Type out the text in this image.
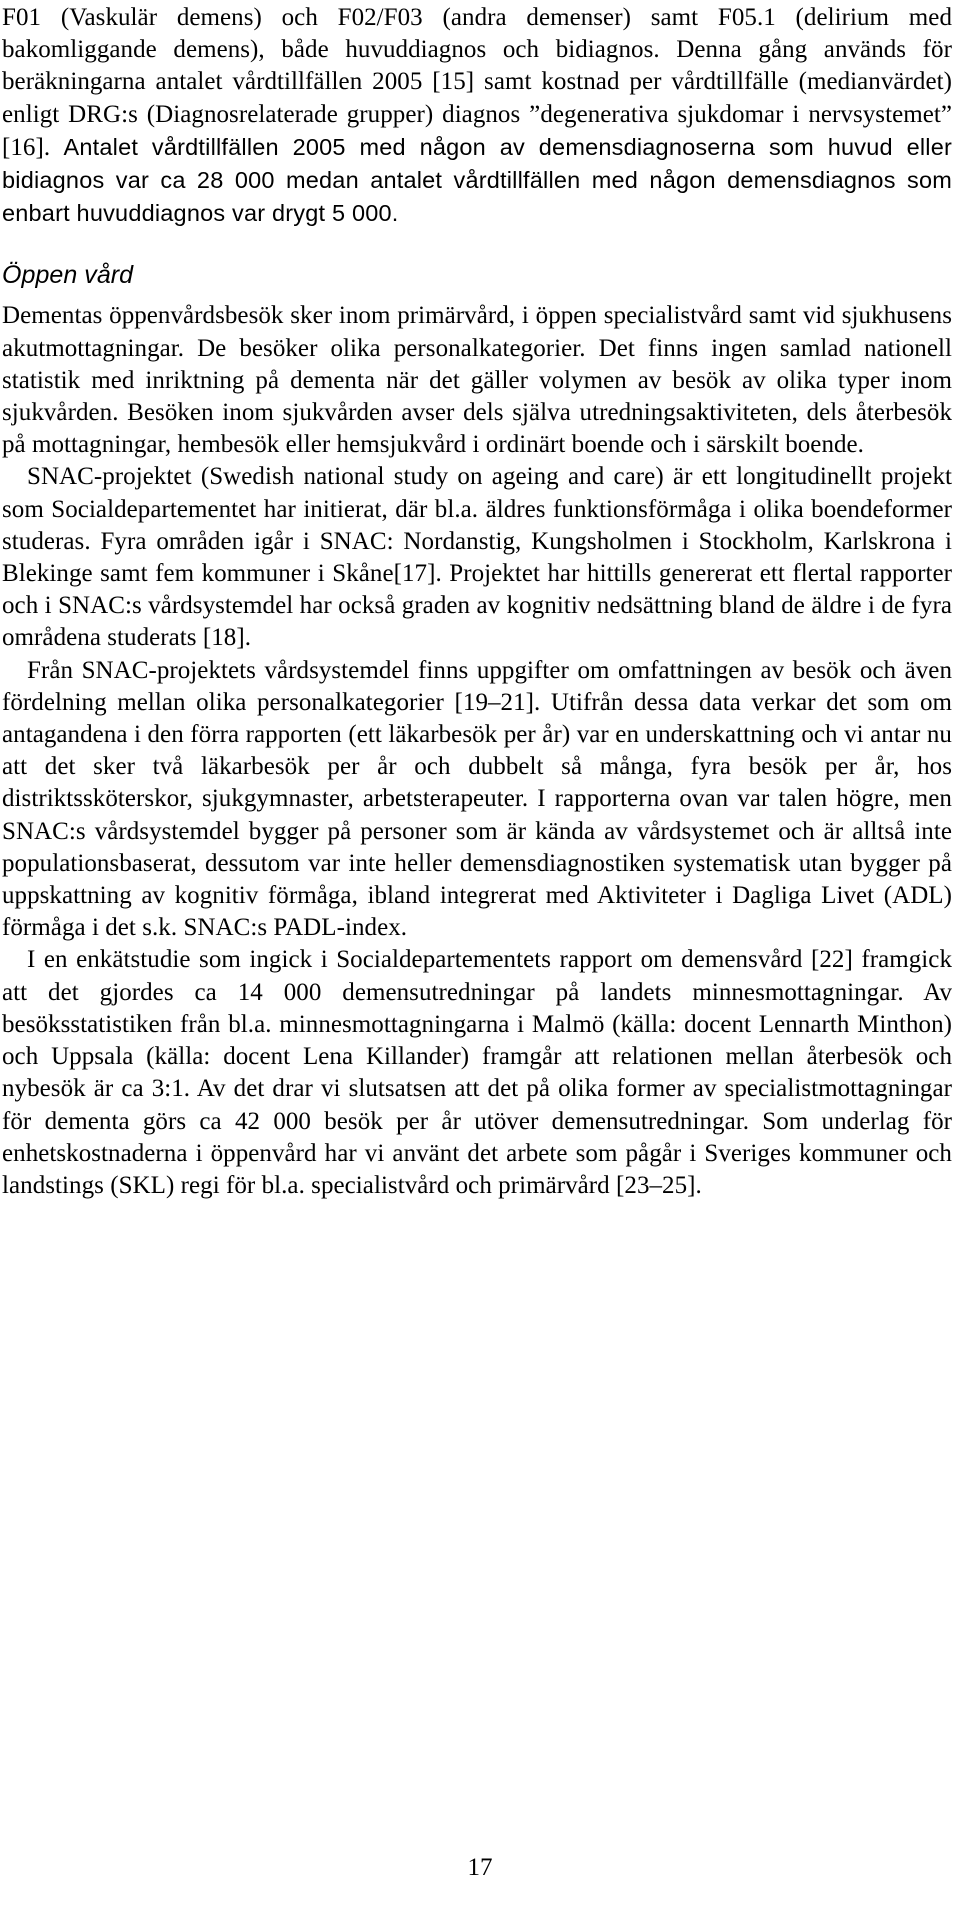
F01 (Vaskulär demens) och F02/F03 (andra demenser) samt F05.1 (delirium med bakomliggande demens), både huvuddiagnos och bidiagnos. Denna gång används för beräkningarna antalet vårdtillfällen 2005 [15] samt kostnad per vårdtillfälle (medianvärdet) enligt DRG:s (Diagnosrelaterade grupper) diagnos ”degenerativa sjukdomar i nervsystemet” [16]. Antalet vårdtillfällen 2005 med någon av demensdiagnoserna som huvud eller bidiagnos var ca 28 000 medan antalet vårdtillfällen med någon demensdiagnos som enbart huvuddiagnos var drygt 5 000.

Öppen vård

Dementas öppenvårdsbesök sker inom primärvård, i öppen specialistvård samt vid sjukhusens akutmottagningar. De besöker olika personalkategorier. Det finns ingen samlad nationell statistik med inriktning på dementa när det gäller volymen av besök av olika typer inom sjukvården. Besöken inom sjukvården avser dels själva utredningsaktiviteten, dels återbesök på mottagningar, hembesök eller hemsjukvård i ordinärt boende och i särskilt boende.

SNAC-projektet (Swedish national study on ageing and care) är ett longitudinellt projekt som Socialdepartementet har initierat, där bl.a. äldres funktionsförmåga i olika boendeformer studeras. Fyra områden igår i SNAC: Nordanstig, Kungsholmen i Stockholm, Karlskrona i Blekinge samt fem kommuner i Skåne[17]. Projektet har hittills genererat ett flertal rapporter och i SNAC:s vårdsystemdel har också graden av kognitiv nedsättning bland de äldre i de fyra områdena studerats [18].

Från SNAC-projektets vårdsystemdel finns uppgifter om omfattningen av besök och även fördelning mellan olika personalkategorier [19–21]. Utifrån dessa data verkar det som om antagandena i den förra rapporten (ett läkarbesök per år) var en underskattning och vi antar nu att det sker två läkarbesök per år och dubbelt så många, fyra besök per år, hos distriktssköterskor, sjukgymnaster, arbetsterapeuter. I rapporterna ovan var talen högre, men SNAC:s vårdsystemdel bygger på personer som är kända av vårdsystemet och är alltså inte populationsbaserat, dessutom var inte heller demensdiagnostiken systematisk utan bygger på uppskattning av kognitiv förmåga, ibland integrerat med Aktiviteter i Dagliga Livet (ADL) förmåga i det s.k. SNAC:s PADL-index.

I en enkätstudie som ingick i Socialdepartementets rapport om demensvård [22] framgick att det gjordes ca 14 000 demensutredningar på landets minnesmottagningar. Av besöksstatistiken från bl.a. minnesmottagningarna i Malmö (källa: docent Lennarth Minthon) och Uppsala (källa: docent Lena Killander) framgår att relationen mellan återbesök och nybesök är ca 3:1. Av det drar vi slutsatsen att det på olika former av specialistmottagningar för dementa görs ca 42 000 besök per år utöver demensutredningar. Som underlag för enhetskostnaderna i öppenvård har vi använt det arbete som pågår i Sveriges kommuner och landstings (SKL) regi för bl.a. specialistvård och primärvård [23–25].

17
